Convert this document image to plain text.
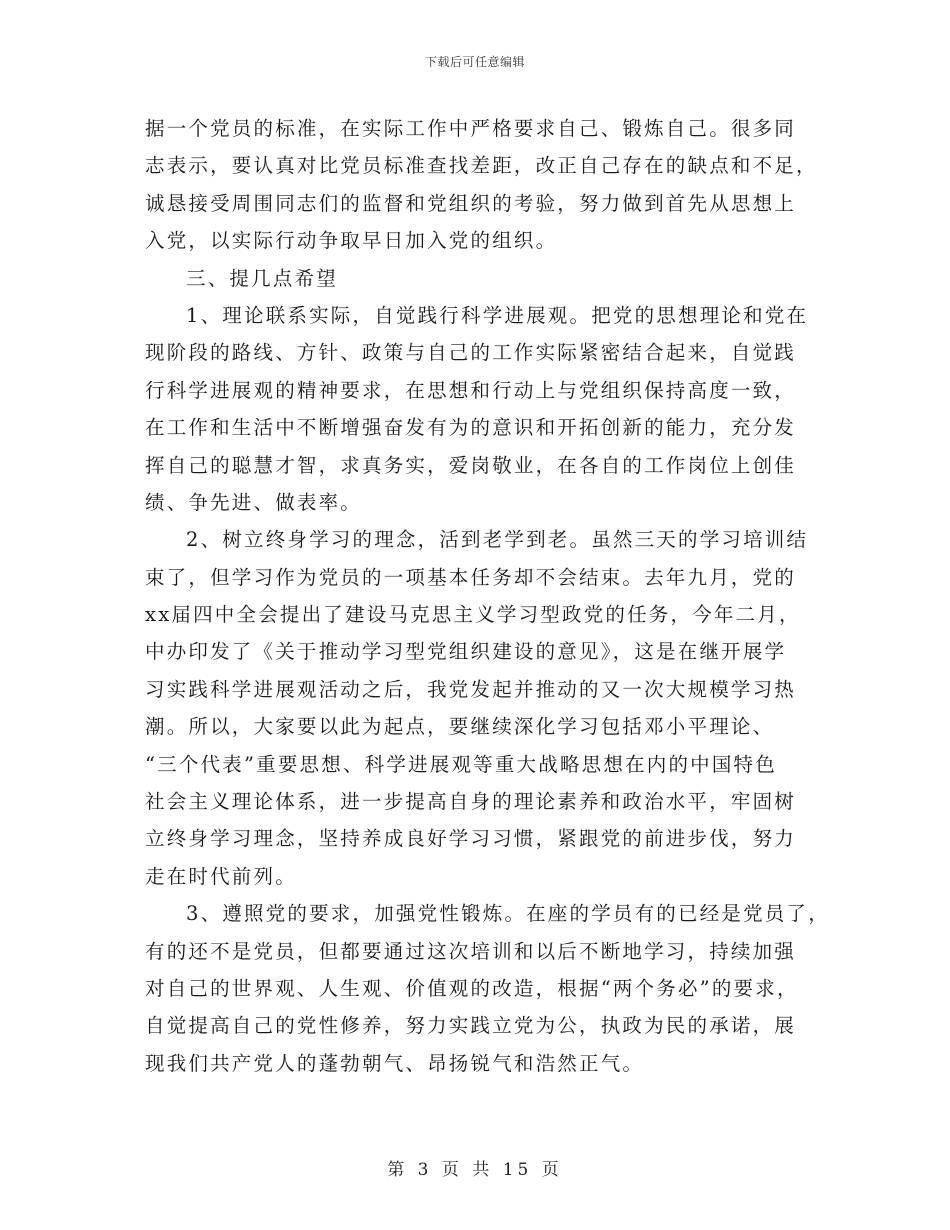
下载后可任意编辑
据一个党员的标准，在实际工作中严格要求自己、锻炼自己。很多同
志表示，要认真对比党员标准查找差距，改正自己存在的缺点和不足，
诚恳接受周围同志们的监督和党组织的考验，努力做到首先从思想上
入党，以实际行动争取早日加入党的组织。
三、提几点希望
1、理论联系实际，自觉践行科学进展观。把党的思想理论和党在
现阶段的路线、方针、政策与自己的工作实际紧密结合起来，自觉践
行科学进展观的精神要求，在思想和行动上与党组织保持高度一致，
在工作和生活中不断增强奋发有为的意识和开拓创新的能力，充分发
挥自己的聪慧才智，求真务实，爱岗敬业，在各自的工作岗位上创佳
绩、争先进、做表率。
2、树立终身学习的理念，活到老学到老。虽然三天的学习培训结
束了，但学习作为党员的一项基本任务却不会结束。去年九月，党的
xx届四中全会提出了建设马克思主义学习型政党的任务，今年二月，
中办印发了《关于推动学习型党组织建设的意见》，这是在继开展学
习实践科学进展观活动之后，我党发起并推动的又一次大规模学习热
潮。所以，大家要以此为起点，要继续深化学习包括邓小平理论、
“三个代表”重要思想、科学进展观等重大战略思想在内的中国特色
社会主义理论体系，进一步提高自身的理论素养和政治水平，牢固树
立终身学习理念，坚持养成良好学习习惯，紧跟党的前进步伐，努力
走在时代前列。
3、遵照党的要求，加强党性锻炼。在座的学员有的已经是党员了，
有的还不是党员，但都要通过这次培训和以后不断地学习，持续加强
对自己的世界观、人生观、价值观的改造，根据“两个务必”的要求，
自觉提高自己的党性修养，努力实践立党为公，执政为民的承诺，展
现我们共产党人的蓬勃朝气、昂扬锐气和浩然正气。
第 3 页 共 15 页
